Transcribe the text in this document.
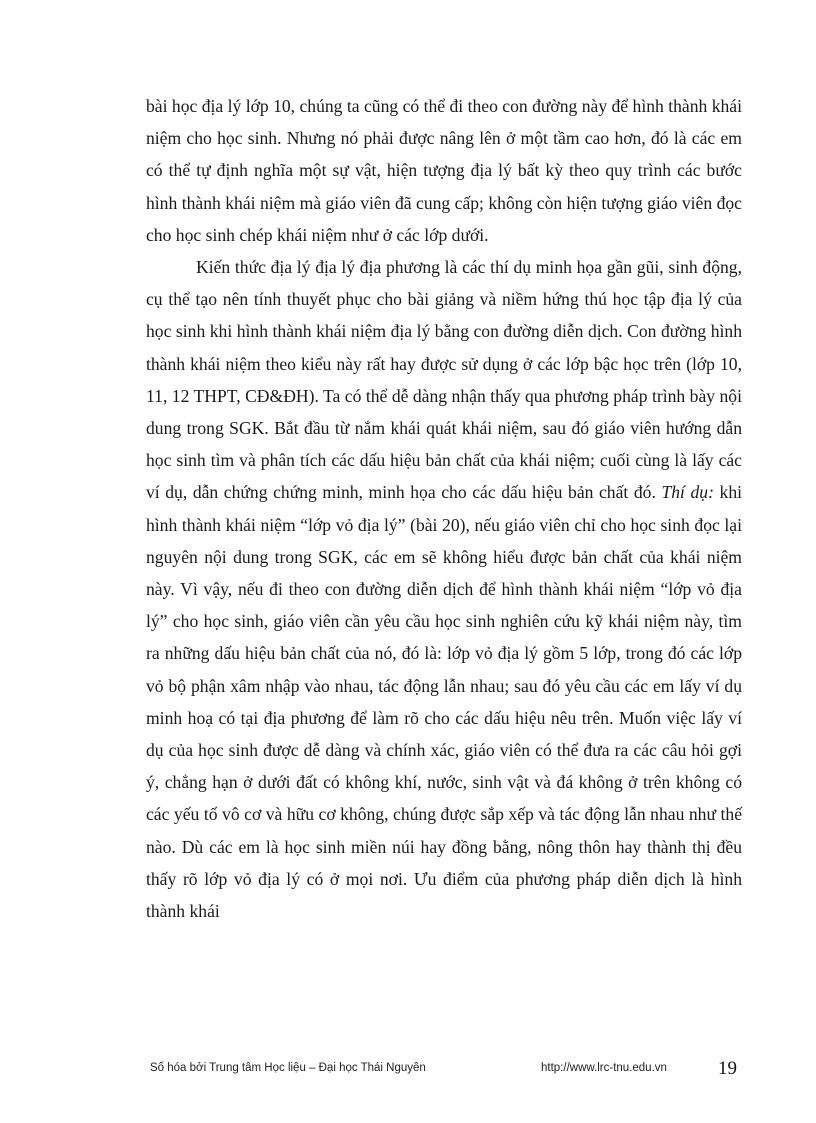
bài học địa lý lớp 10, chúng ta cũng có thể đi theo con đường này để hình thành khái niệm cho học sinh. Nhưng nó phải được nâng lên ở một tầm cao hơn, đó là các em có thể tự định nghĩa một sự vật, hiện tượng địa lý bất kỳ theo quy trình các bước hình thành khái niệm mà giáo viên đã cung cấp; không còn hiện tượng giáo viên đọc cho học sinh chép khái niệm như ở các lớp dưới.

Kiến thức địa lý địa lý địa phương là các thí dụ minh họa gần gũi, sinh động, cụ thể tạo nên tính thuyết phục cho bài giảng và niềm hứng thú học tập địa lý của học sinh khi hình thành khái niệm địa lý bằng con đường diễn dịch. Con đường hình thành khái niệm theo kiểu này rất hay được sử dụng ở các lớp bậc học trên (lớp 10, 11, 12 THPT, CĐ&ĐH). Ta có thể dễ dàng nhận thấy qua phương pháp trình bày nội dung trong SGK. Bắt đầu từ nắm khái quát khái niệm, sau đó giáo viên hướng dẫn học sinh tìm và phân tích các dấu hiệu bản chất của khái niệm; cuối cùng là lấy các ví dụ, dẫn chứng chứng minh, minh họa cho các dấu hiệu bản chất đó. Thí dụ: khi hình thành khái niệm “lớp vỏ địa lý” (bài 20), nếu giáo viên chỉ cho học sinh đọc lại nguyên nội dung trong SGK, các em sẽ không hiểu được bản chất của khái niệm này. Vì vậy, nếu đi theo con đường diễn dịch để hình thành khái niệm “lớp vỏ địa lý” cho học sinh, giáo viên cần yêu cầu học sinh nghiên cứu kỹ khái niệm này, tìm ra những dấu hiệu bản chất của nó, đó là: lớp vỏ địa lý gồm 5 lớp, trong đó các lớp vỏ bộ phận xâm nhập vào nhau, tác động lẫn nhau; sau đó yêu cầu các em lấy ví dụ minh hoạ có tại địa phương để làm rõ cho các dấu hiệu nêu trên. Muốn việc lấy ví dụ của học sinh được dễ dàng và chính xác, giáo viên có thể đưa ra các câu hỏi gợi ý, chẳng hạn ở dưới đất có không khí, nước, sinh vật và đá không ở trên không có các yếu tố vô cơ và hữu cơ không, chúng được sắp xếp và tác động lẫn nhau như thế nào. Dù các em là học sinh miền núi hay đồng bằng, nông thôn hay thành thị đều thấy rõ lớp vỏ địa lý có ở mọi nơi. Ưu điểm của phương pháp diễn dịch là hình thành khái

Số hóa bởi Trung tâm Học liệu – Đại học Thái Nguyên	http://www.lrc-tnu.edu.vn	19
